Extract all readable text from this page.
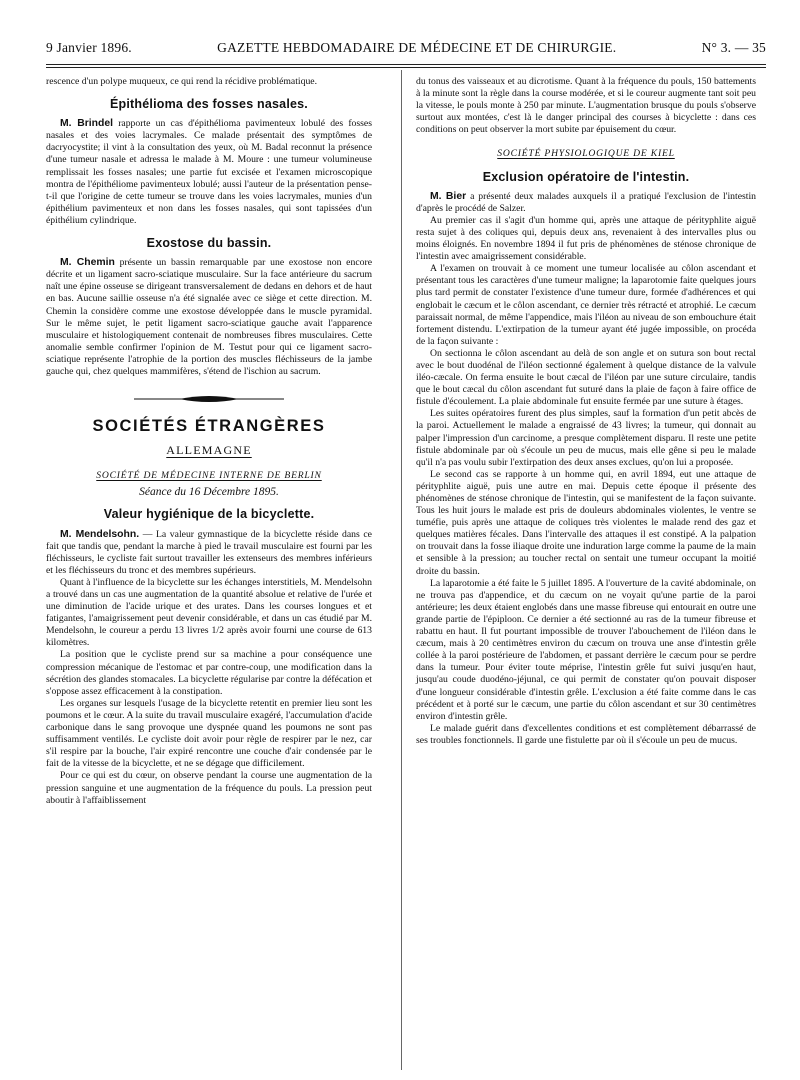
9 Janvier 1896.	GAZETTE HEBDOMADAIRE DE MÉDECINE ET DE CHIRURGIE.	N° 3. — 35

rescence d'un polype muqueux, ce qui rend la récidive problématique.

Épithélioma des fosses nasales.

M. Brindel rapporte un cas d'épithélioma pavimenteux lobulé des fosses nasales et des voies lacrymales. Ce malade présentait des symptômes de dacryocystite; il vint à la consultation des yeux, où M. Badal reconnut la présence d'une tumeur nasale et adressa le malade à M. Moure : une tumeur volumineuse remplissait les fosses nasales; une partie fut excisée et l'examen microscopique montra de l'épithéliome pavimenteux lobulé; aussi l'auteur de la présentation pense-t-il que l'origine de cette tumeur se trouve dans les voies lacrymales, munies d'un épithélium pavimenteux et non dans les fosses nasales, qui sont tapissées d'un épithélium cylindrique.

Exostose du bassin.

M. Chemin présente un bassin remarquable par une exostose non encore décrite et un ligament sacro-sciatique musculaire. Sur la face antérieure du sacrum naît une épine osseuse se dirigeant transversalement de dedans en dehors et de haut en bas. Aucune saillie osseuse n'a été signalée avec ce siège et cette direction. M. Chemin la considère comme une exostose développée dans le muscle pyramidal. Sur le même sujet, le petit ligament sacro-sciatique gauche avait l'apparence musculaire et histologiquement contenait de nombreuses fibres musculaires. Cette anomalie semble confirmer l'opinion de M. Testut pour qui ce ligament sacro-sciatique représente l'atrophie de la portion des muscles fléchisseurs de la jambe gauche qui, chez quelques mammifères, s'étend de l'ischion au sacrum.

SOCIÉTÉS ÉTRANGÈRES
ALLEMAGNE
SOCIÉTÉ DE MÉDECINE INTERNE DE BERLIN
Séance du 16 Décembre 1895.
Valeur hygiénique de la bicyclette.

M. Mendelsohn. — La valeur gymnastique de la bicyclette réside dans ce fait que tandis que, pendant la marche à pied le travail musculaire est fourni par les fléchisseurs, le cycliste fait surtout travailler les extenseurs des membres inférieurs et les fléchisseurs du tronc et des membres supérieurs.

Quant à l'influence de la bicyclette sur les échanges interstitiels, M. Mendelsohn a trouvé dans un cas une augmentation de la quantité absolue et relative de l'urée et une diminution de l'acide urique et des urates. Dans les courses longues et et fatigantes, l'amaigrissement peut devenir considérable, et dans un cas étudié par M. Mendelsohn, le coureur a perdu 13 livres 1/2 après avoir fourni une course de 613 kilomètres.

La position que le cycliste prend sur sa machine a pour conséquence une compression mécanique de l'estomac et par contre-coup, une modification dans la sécrétion des glandes stomacales. La bicyclette régularise par contre la défécation et s'oppose assez efficacement à la constipation.

Les organes sur lesquels l'usage de la bicyclette retentit en premier lieu sont les poumons et le cœur. A la suite du travail musculaire exagéré, l'accumulation d'acide carbonique dans le sang provoque une dyspnée quand les poumons ne sont pas suffisamment ventilés. Le cycliste doit avoir pour règle de respirer par le nez, car s'il respire par la bouche, l'air expiré rencontre une couche d'air condensée par le fait de la vitesse de la bicyclette, et ne se dégage que difficilement.

Pour ce qui est du cœur, on observe pendant la course une augmentation de la pression sanguine et une augmentation de la fréquence du pouls. La pression peut aboutir à l'affaiblissement

du tonus des vaisseaux et au dicrotisme. Quant à la fréquence du pouls, 150 battements à la minute sont la règle dans la course modérée, et si le coureur augmente tant soit peu la vitesse, le pouls monte à 250 par minute. L'augmentation brusque du pouls s'observe surtout aux montées, c'est là le danger principal des courses à bicyclette : dans ces conditions on peut observer la mort subite par épuisement du cœur.

SOCIÉTÉ PHYSIOLOGIQUE DE KIEL
Exclusion opératoire de l'intestin.

M. Bier a présenté deux malades auxquels il a pratiqué l'exclusion de l'intestin d'après le procédé de Salzer.

Au premier cas il s'agit d'un homme qui, après une attaque de pérityphlite aiguë resta sujet à des coliques qui, depuis deux ans, revenaient à des intervalles plus ou moins éloignés. En novembre 1894 il fut pris de phénomènes de sténose chronique de l'intestin avec amaigrissement considérable.

A l'examen on trouvait à ce moment une tumeur localisée au côlon ascendant et présentant tous les caractères d'une tumeur maligne; la laparotomie faite quelques jours plus tard permit de constater l'existence d'une tumeur dure, formée d'adhérences et qui englobait le cæcum et le côlon ascendant, ce dernier très rétracté et atrophié. Le cæcum paraissait normal, de même l'appendice, mais l'iléon au niveau de son embouchure était fortement distendu. L'extirpation de la tumeur ayant été jugée impossible, on procéda de la façon suivante :

On sectionna le côlon ascendant au delà de son angle et on sutura son bout rectal avec le bout duodénal de l'iléon sectionné également à quelque distance de la valvule iléo-cæcale. On ferma ensuite le bout cæcal de l'iléon par une suture circulaire, tandis que le bout cæcal du côlon ascendant fut suturé dans la plaie de façon à faire office de fistule d'écoulement. La plaie abdominale fut ensuite fermée par une suture à étages.

Les suites opératoires furent des plus simples, sauf la formation d'un petit abcès de la paroi. Actuellement le malade a engraissé de 43 livres; la tumeur, qui donnait au palper l'impression d'un carcinome, a presque complètement disparu. Il reste une petite fistule abdominale par où s'écoule un peu de mucus, mais elle gêne si peu le malade qu'il n'a pas voulu subir l'extirpation des deux anses exclues, qu'on lui a proposée.

Le second cas se rapporte à un homme qui, en avril 1894, eut une attaque de pérityphlite aiguë, puis une autre en mai. Depuis cette époque il présente des phénomènes de sténose chronique de l'intestin, qui se manifestent de la façon suivante. Tous les huit jours le malade est pris de douleurs abdominales violentes, le ventre se tuméfie, puis après une attaque de coliques très violentes le malade rend des gaz et quelques matières fécales. Dans l'intervalle des attaques il est constipé. A la palpation on trouvait dans la fosse iliaque droite une induration large comme la paume de la main et sensible à la pression; au toucher rectal on sentait une tumeur occupant la moitié droite du bassin.

La laparotomie a été faite le 5 juillet 1895. A l'ouverture de la cavité abdominale, on ne trouva pas d'appendice, et du cæcum on ne voyait qu'une partie de la paroi antérieure; les deux étaient englobés dans une masse fibreuse qui entourait en outre une grande partie de l'épiploon. Ce dernier a été sectionné au ras de la tumeur fibreuse et rabattu en haut. Il fut pourtant impossible de trouver l'abouchement de l'iléon dans le cæcum, mais à 20 centimètres environ du cæcum on trouva une anse d'intestin grêle collée à la paroi postérieure de l'abdomen, et passant derrière le cæcum pour se perdre dans la tumeur. Pour éviter toute méprise, l'intestin grêle fut suivi jusqu'en haut, jusqu'au coude duodéno-jéjunal, ce qui permit de constater qu'on pouvait disposer d'une longueur considérable d'intestin grêle. L'exclusion a été faite comme dans le cas précédent et à porté sur le cæcum, une partie du côlon ascendant et sur 30 centimètres environ d'intestin grêle.

Le malade guérit dans d'excellentes conditions et est complètement débarrassé de ses troubles fonctionnels. Il garde une fistulette par où il s'écoule un peu de mucus.
